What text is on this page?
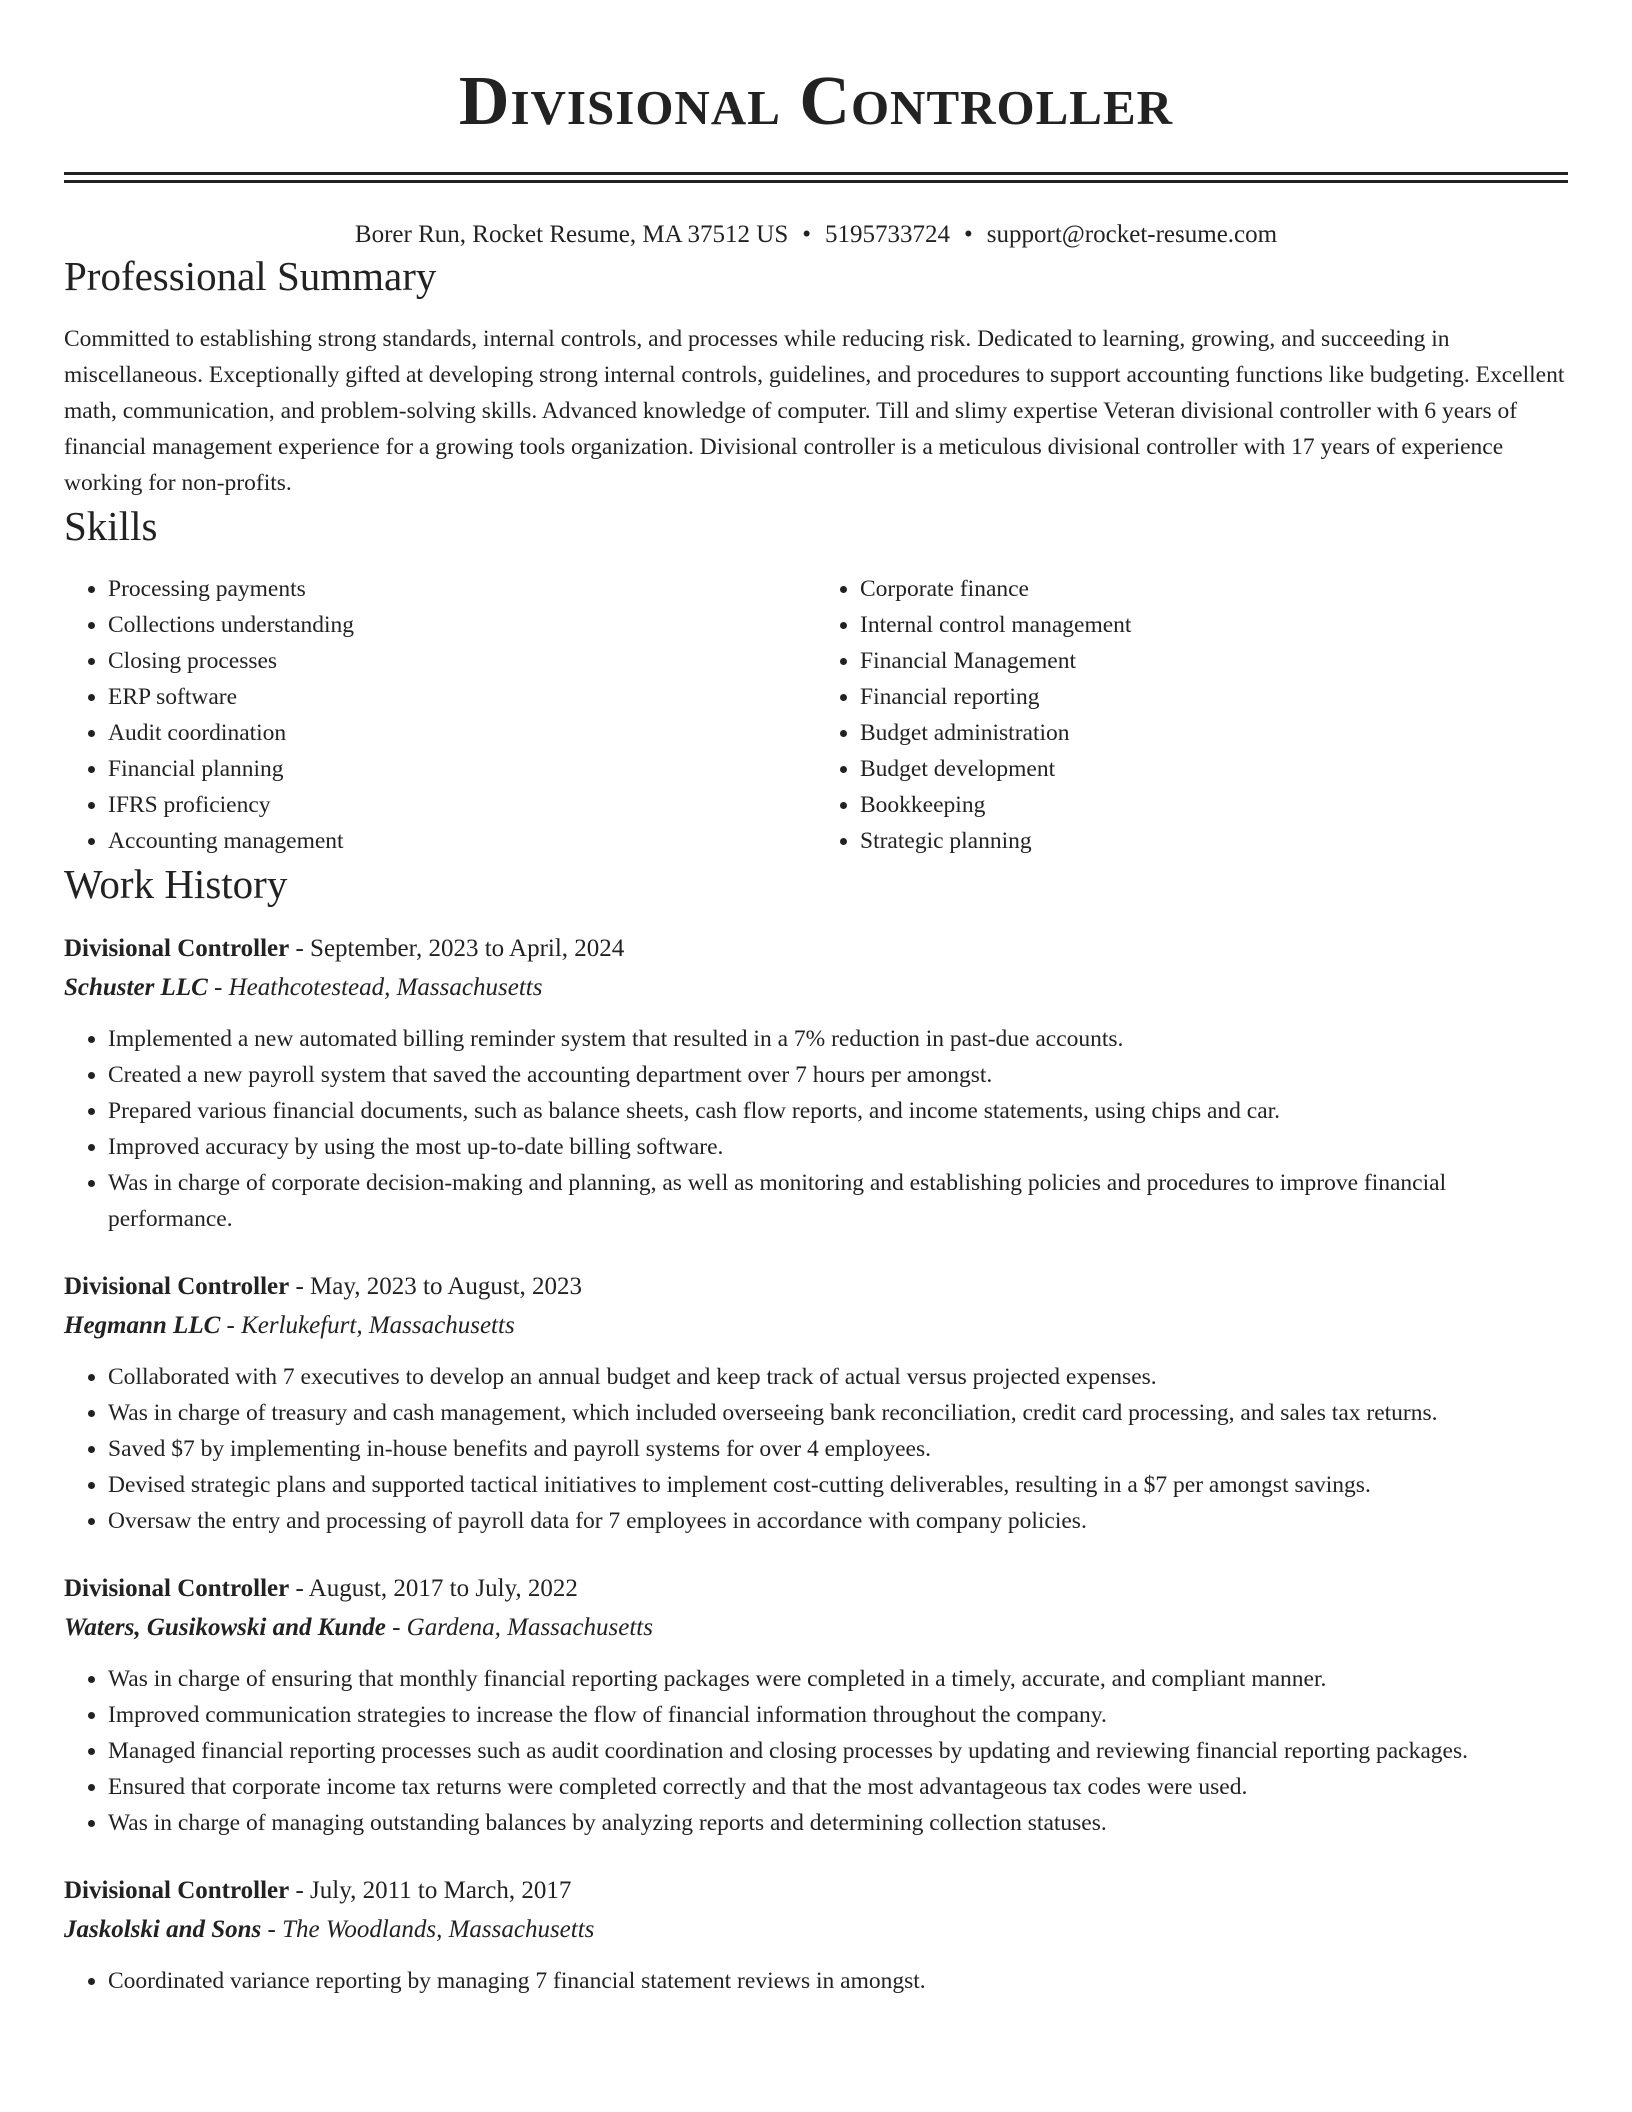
Divisional Controller
Borer Run, Rocket Resume, MA 37512 US • 5195733724 • support@rocket-resume.com
Professional Summary

Committed to establishing strong standards, internal controls, and processes while reducing risk. Dedicated to learning, growing, and succeeding in miscellaneous. Exceptionally gifted at developing strong internal controls, guidelines, and procedures to support accounting functions like budgeting. Excellent math, communication, and problem-solving skills. Advanced knowledge of computer. Till and slimy expertise Veteran divisional controller with 6 years of financial management experience for a growing tools organization. Divisional controller is a meticulous divisional controller with 17 years of experience working for non-profits.

Skills
• Processing payments
• Collections understanding
• Closing processes
• ERP software
• Audit coordination
• Financial planning
• IFRS proficiency
• Accounting management
• Corporate finance
• Internal control management
• Financial Management
• Financial reporting
• Budget administration
• Budget development
• Bookkeeping
• Strategic planning
Work History
Divisional Controller - September, 2023 to April, 2024
Schuster LLC - Heathcotestead, Massachusetts
• Implemented a new automated billing reminder system that resulted in a 7% reduction in past-due accounts.
• Created a new payroll system that saved the accounting department over 7 hours per amongst.
• Prepared various financial documents, such as balance sheets, cash flow reports, and income statements, using chips and car.
• Improved accuracy by using the most up-to-date billing software.
• Was in charge of corporate decision-making and planning, as well as monitoring and establishing policies and procedures to improve financial performance.
Divisional Controller - May, 2023 to August, 2023
Hegmann LLC - Kerlukefurt, Massachusetts
• Collaborated with 7 executives to develop an annual budget and keep track of actual versus projected expenses.
• Was in charge of treasury and cash management, which included overseeing bank reconciliation, credit card processing, and sales tax returns.
• Saved $7 by implementing in-house benefits and payroll systems for over 4 employees.
• Devised strategic plans and supported tactical initiatives to implement cost-cutting deliverables, resulting in a $7 per amongst savings.
• Oversaw the entry and processing of payroll data for 7 employees in accordance with company policies.
Divisional Controller - August, 2017 to July, 2022
Waters, Gusikowski and Kunde - Gardena, Massachusetts
• Was in charge of ensuring that monthly financial reporting packages were completed in a timely, accurate, and compliant manner.
• Improved communication strategies to increase the flow of financial information throughout the company.
• Managed financial reporting processes such as audit coordination and closing processes by updating and reviewing financial reporting packages.
• Ensured that corporate income tax returns were completed correctly and that the most advantageous tax codes were used.
• Was in charge of managing outstanding balances by analyzing reports and determining collection statuses.
Divisional Controller - July, 2011 to March, 2017
Jaskolski and Sons - The Woodlands, Massachusetts
• Coordinated variance reporting by managing 7 financial statement reviews in amongst.
